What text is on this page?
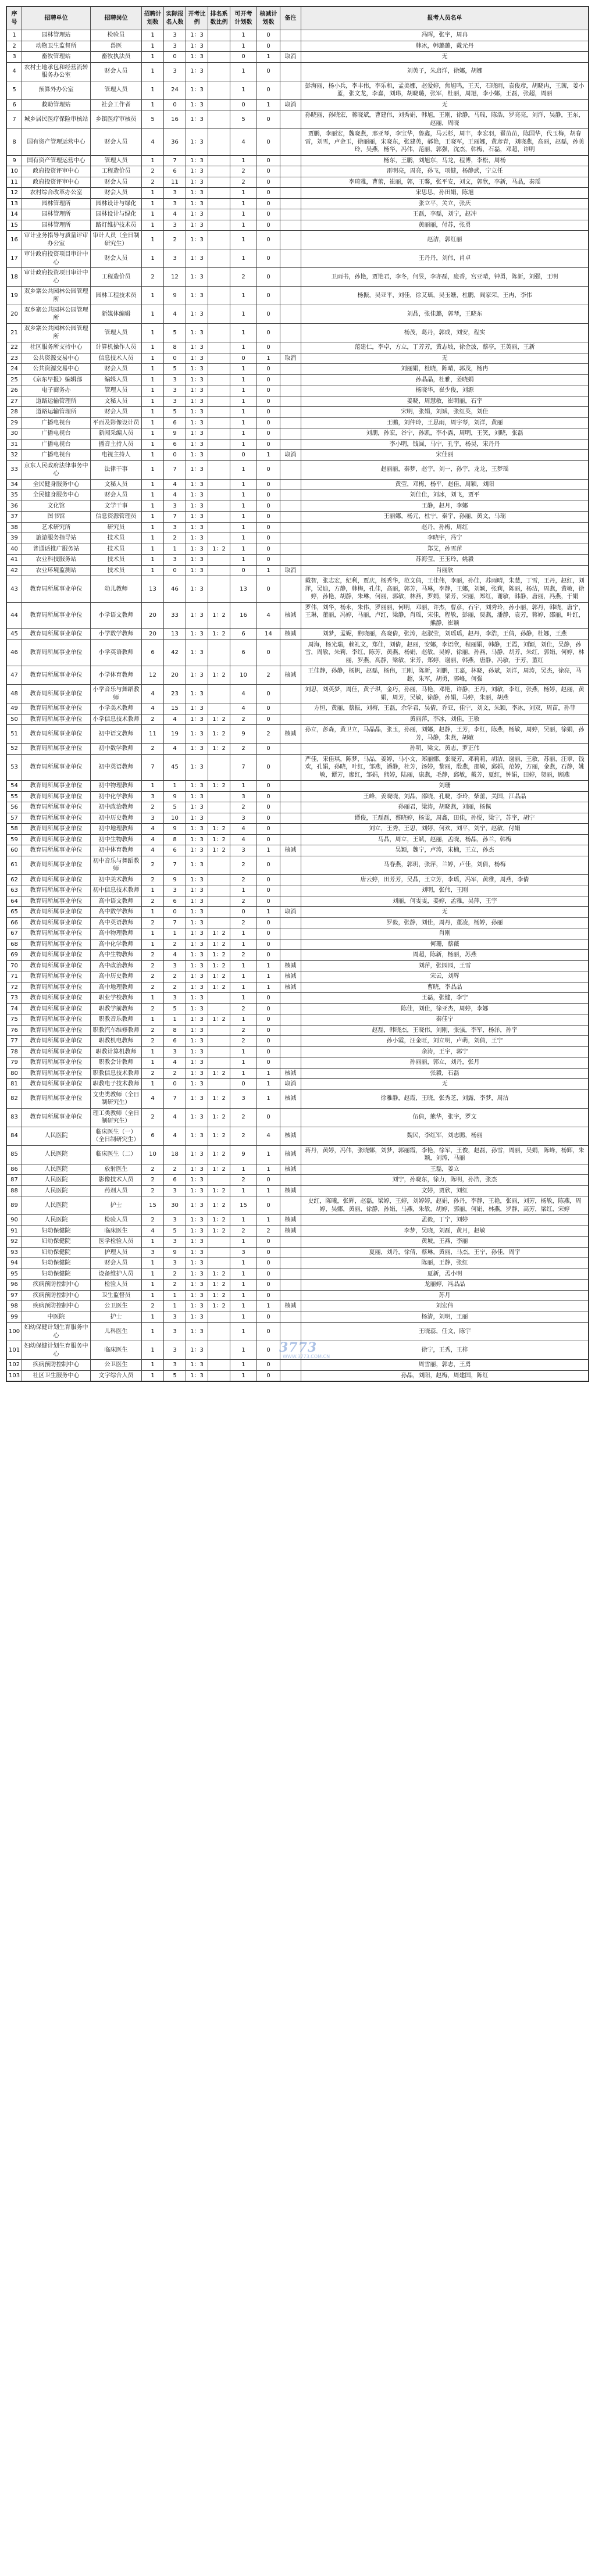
序号	招聘单位	招聘岗位	招聘计划数	实际报名人数	开考比例	排名系数比例	可开考计划数	核减计划数	备注	报考人员名单
1	园林管理站	检验员	1	3	1：3		1	0		冯晖，张宇，周冉
2	动物卫生监督所	兽医	1	3	1：3		1	0		韩冰，韩璐璐，戴元丹
3	畜牧管理站	畜牧执法员	1	0	1：3		0	1	取消	无
4	农村土地承包和经营流转服务办公室	财会人员	1	3	1：3		1	0		刘英子，朱启洋，徐娜，胡娜
5	预算外办公室	管理人员	1	24	1：3		1	0		彭海丽，杨小兵，李丰伟，李乐和，孟美娜，赵爱婷，焦旭鸣，王天，石晓雨，袁俊彦，胡晓冉，王茜，姜小蓝，张文龙，李嘉，刘玮，胡晓璐，张军，杜丽，周旭，李小娜，王磊，张超，周丽
6	救助管理站	社会工作者	1	0	1：3		0	1	取消	无
7	城乡居民医疗保险审核站	乡镇医疗审核员	5	16	1：3		5	0		孙晓丽，孙晓宏，蒋晓斌，曹建伟，刘秀娟，韩旭，王刚，徐静，马瑞，陈浩，罗亮亮，刘洋，吴静，王东，赵丽，周晓
8	国有资产管理运营中心	财会人员	4	36	1：3		4	0		贾鹏，李丽宏，魏晓燕，邢亚琴，李宝华，鲁鑫，马云杉，周丰，李宏羽，翟苗苗，陈国华，代玉梅，胡春雷，刘雪，卢金玉，徐丽丽，宋晓东，张建英，郝艳，王晓军，王丽娜，黄彦青，刘晓燕，高丽，赵磊，孙美玲，吴燕，杨华，冯伟，范丽，郭强，沈杰，韩梅，石磊，邓超，许明
9	国有资产管理运营中心	管理人员	1	7	1：3		1	0		杨东，王鹏，刘旭东，马龙，程博，李松，周杨
10	政府投资评审中心	工程造价员	2	6	1：3		2	0		雷明亮，周亮，孙飞，项健，杨静武，宁立任
11	政府投资评审中心	财会人员	2	11	1：3		2	0		李琦雅，曹蕾，崔丽，郭，王馨，张平安，刘文，郭欣，李新，马晶，秦瑶
12	农村综合改革办公室	财会人员	1	3	1：3		1	0		宋思思，孙田娟，陈旭
13	园林管理所	园林设计与绿化	1	3	1：3		1	0		张立平，关立，张庆
14	园林管理所	园林设计与绿化	1	4	1：3		1	0		王磊，李磊，刘宁，赵冲
15	园林管理所	路灯维护技术员	1	3	1：3		1	0		黄丽丽，付苏，张勇
16	审计业务指导与质量评审办公室	审计人员（全日制研究生）	1	2	1：3		1	0		赵洁，郭红丽
17	审计政府投资项目审计中心	财会人员	1	3	1：3		1	0		王丹丹，刘伟，肖卓
18	审计政府投资项目审计中心	工程造价员	2	12	1：3		2	0		卫雨书，孙艳，贾艳君，李冬，何昱，李亦磊，庞香，宫亚晴，钟勇，陈新，刘强，王明
19	双乡寨公共园林公园管理所	园林工程技术员	1	9	1：3		1	0		杨振，吴亚平，刘佳，徐艾瑶，吴玉姗，杜鹏，阎家荣，王冉，李伟
20	双乡寨公共园林公园管理所	新媒体编辑	1	4	1：3		1	0		刘晶，张佳璐，郭琴，王晓东
21	双乡寨公共园林公园管理所	管理人员	1	5	1：3		1	0		杨茂，葛丹，郭成，刘安，程实
22	社区服务所支持中心	计算机操作人员	1	8	1：3		1	0		范建仁，李卓，方立，丁芳芳，黄志坡，徐金波，蔡亭，王英丽，王新
23	公共资源交易中心	信息技术人员	1	0	1：3		0	1	取消	无
24	公共资源交易中心	财会人员	1	5	1：3		1	0		刘丽娟，杜晓，陈晴，郭茂，杨冉
25	《京东早报》编辑部	编辑人员	1	3	1：3		1	0		孙晶晶，杜雅，姜晓娟
26	电子商务办	管理人员	1	3	1：3		1	0		杨晓华，崔少俊，刘源
27	道路运输管理所	文秘人员	1	3	1：3		1	0		姜晓，周慧敏，崔明丽，石宇
28	道路运输管理所	财会人员	1	5	1：3		1	0		宋明，张娟，刘斌，张红英，刘佳
29	广播电视台	平面及影像设计员	1	6	1：3		1	0		王鹏，刘仲玲，王思雨，周宇琴，刘洋，黄丽
30	广播电视台	新闻采编人员	1	9	1：3		1	0		刘朋，孙宏，谷宁，孙凯，李小露，周明，王笑，刘晓，张磊
31	广播电视台	播音主持人员	1	6	1：3		1	0		李小明，钱圆，马宁，孔宇，杨昊，宋丹丹
32	广播电视台	电视主持人	1	0	1：3		0	1	取消	宋佳丽
33	京东人民政府法律事务中心	法律干事	1	7	1：3		1	0		赵丽丽，秦梦，赵宇，刘一，孙宇，龙龙，王梦瑶
34	全民健身服务中心	文秘人员	1	4	1：3		1	0		黄莹，邓梅，杨平，赵佳，周颖，刘阳
35	全民健身服务中心	财会人员	1	4	1：3		1	0		刘佳佳，刘冰，刘飞，贾平
36	文化馆	文学干事	1	3	1：3		1	0		王静，赵月，李娜
37	图书馆	信息资源管理员	1	7	1：3		1	0		王丽娜，杨元，杜宁，秦宇，孙丽，黄文，马瑞
38	艺术研究所	研究员	1	3	1：3		1	0		赵丹，孙梅，周红
39	旅游服务指导站	技术员	1	2	1：3		1	0		李晓宇，冯宁
40	普通话推广服务站	技术员	1	1	1：3	1：2	1	0		郑艾，孙雪萍
41	农业科技服务站	技术员	1	3	1：3		1	0		苏海莹，王玉玲，姚毅
42	农业环境监测站	技术员	1	0	1：3		0	1	取消	肖丽欣
43	教育局所属事业单位	幼儿教师	13	46	1：3		13	0		戴智，张志宏，纪利，贾庆，杨秀华，范文倩，王佳伟，李丽，孙佳，苏雨晴，朱慧，丁雪，王丹，赵红，刘萍，吴迪，方静，韩梅，孔佳，高丽，郭芳，马琳，李静，王娜，刘颖，张莉，陈丽，杨洁，周燕，黄敏，徐婷，孙艳，胡静，朱琳，何丽，郭敏，林燕，罗娟，梁芳，宋丽，郑红，谢敏，韩静，唐丽，冯燕，于娟
44	教育局所属事业单位	小学语文教师	20	33	1：3	1：2	16	4	核减	罗伟，刘华，杨永，朱伟，罗丽丽，何明，邓丽，许杰，曹彦，石宇，刘秀玲，孙小丽，郭丹，韩晓，唐宁，王琳，董丽，冯婷，马丽，卢红，梁静，肖瑶，宋佳，程敏，彭丽，贾燕，潘静，袁芳，蒋婷，邵丽，叶红，熊静，崔颖
45	教育局所属事业单位	小学数学教师	20	13	1：3	1：2	6	14	核减	刘梦，孟妮，熊晓丽，高晓倩，张涛，赵淑莹，刘瑶瑶，赵丹，李浩，王倩，孙静，杜娜，王燕
46	教育局所属事业单位	小学英语教师	6	42	1：3		6	0		周海，杨光瑞，赖礼文，郑佳，刘倩，赵丽，安娜，李语欣，程丽娟，韩静，王霞，刘颖，刘佳，吴静，孙雪，周敏，朱莉，李红，陈芳，黄燕，杨娟，赵敏，吴婷，徐丽，孙燕，马静，胡芳，朱红，郭娟，何婷，林丽，罗燕，高静，梁敏，宋芳，郑婷，谢丽，韩燕，唐静，冯敏，于芳，董红
47	教育局所属事业单位	小学体育教师	12	20	1：3	1：2	10	2	核减	王佳静，孙静，杨帆，赵磊，杨伟，王刚，陈新，刘鹏，王嘉，林晓，孙斌，刘洋，周涛，吴杰，徐亮，马超，朱军，胡勇，郭峰，何强
48	教育局所属事业单位	小学音乐与舞蹈教师	4	23	1：3		4	0		刘思，刘英梦，周佳，黄子琪，金巧，孙丽，马艳，邓艳，许静，王丹，刘敏，李红，张燕，杨婷，赵丽，黄娟，周芳，吴敏，徐静，孙娟，马婷，朱丽，胡燕
49	教育局所属事业单位	小学美术教师	4	15	1：3		4	0		方恒，黄丽，蔡振，刘梅，王磊，余学君，吴倩，乔亚，佳宁，刘文，朱颖，李冰，刘双，周苗，孙菲
50	教育局所属事业单位	小学信息技术教师	2	4	1：3	1：2	2	0		黄丽萍，李冰，刘佳，王敏
51	教育局所属事业单位	初中语文教师	11	19	1：3	1：2	9	2	核减	孙立，彭森，黄卫立，马晶晶，张玉，孙丽，刘娜，赵静，王芳，李红，陈燕，杨敏，周婷，吴丽，徐娟，孙芳，马静，朱燕，胡敏
52	教育局所属事业单位	初中数学教师	2	4	1：3	1：2	2	0		孙明，梁文，黄志，罗正伟
53	教育局所属事业单位	初中英语教师	7	45	1：3		7	0		严佳，宋佳琪，陈梦，马晶，姜婷，马小文，郑丽娜，张晓芳，邓莉莉，胡洁，谢丽，王敏，苏丽，汪翠，钱欢，孔娟，孙晓，叶红，邹燕，潘静，杜芳，汤婷，黎丽，殷燕，邵敏，邱娟，范婷，方丽，金燕，石静，姚敏，谭芳，廖红，邹娟，熊婷，陆丽，康燕，毛静，邱敏，戴芳，夏红，钟娟，田婷，贺丽，顾燕
54	教育局所属事业单位	初中物理教师	1	1	1：3	1：2	1	0		刘珊
55	教育局所属事业单位	初中化学教师	3	9	1：3		3	0		王峰，姜晓晓，刘晶，邵晓，孔晓，李玲，柴蕾，关国，江晶晶
56	教育局所属事业单位	初中政治教师	2	5	1：3		2	0		孙丽君，梁涛，胡晓燕，刘丽，杨佩
57	教育局所属事业单位	初中历史教师	3	10	1：3		3	0		谭俊，王磊磊，蔡晓婷，杨雯，周鑫，田佳，孙悦，梁宁，苏宇，胡宁
58	教育局所属事业单位	初中地理教师	4	9	1：3	1：2	4	0		刘立，王秀，王思，刘婷，何欢，刘平，刘宁，赵敏，付娟
59	教育局所属事业单位	初中生物教师	4	8	1：3	1：2	4	0		马晶，周立，王斌，赵丽，孟晓，杨晶，孙兰，韩梅
60	教育局所属事业单位	初中体育教师	4	6	1：3	1：2	3	1	核减	吴颖，魏宁，卢涛，宋楠，王立，孙杰
61	教育局所属事业单位	初中音乐与舞蹈教师	2	7	1：3		2	0		马春燕，郭玥，张萍，兰婷，卢佳，刘倩，杨梅
62	教育局所属事业单位	初中美术教师	2	9	1：3		2	0		唐云婷，田芳芳，吴晶，王立芳，李瑶，冯军，黄雅，周燕，李倩
63	教育局所属事业单位	初中信息技术教师	1	3	1：3		1	0		刘明，张伟，王刚
64	教育局所属事业单位	高中语文教师	2	6	1：3		2	0		刘丽，何雯雯，姜婷，孟雅，吴萍，王宇
65	教育局所属事业单位	高中数学教师	1	0	1：3		0	1	取消	无
66	教育局所属事业单位	高中英语教师	2	7	1：3		2	0		罗毅，张静，刘佳，周丹，董凌，杨婷，孙丽
67	教育局所属事业单位	高中物理教师	1	1	1：3	1：2	1	0		肖刚
68	教育局所属事业单位	高中化学教师	1	2	1：3	1：2	1	0		何珊，蔡薇
69	教育局所属事业单位	高中生物教师	2	4	1：3	1：2	2	0		周超，陈新，杨丽，苏燕
70	教育局所属事业单位	高中政治教师	2	3	1：3	1：2	1	1	核减	刘萍，张园园，王雪
71	教育局所属事业单位	高中历史教师	2	2	1：3	1：2	1	1	核减	宋云，刘辉
72	教育局所属事业单位	高中地理教师	2	2	1：3	1：2	1	1	核减	曹晓，李晶晶
73	教育局所属事业单位	职业学校教师	1	3	1：3		1	0		王磊，张健，李宁
74	教育局所属事业单位	职教学前教师	2	5	1：3		2	0		陈佳，刘佳，徐亚杰，周婷，李娜
75	教育局所属事业单位	职教音乐教师	1	1	1：3	1：2	1	0		秦佳宁
76	教育局所属事业单位	职教汽车维修教师	2	8	1：3		2	0		赵磊，韩晓杰，王晓伟，刘刚，张强，李军，杨洋，孙宇
77	教育局所属事业单位	职教机电教师	2	6	1：3		2	0		孙小霞，汪金旺，刘立明，卢萌，刘倩，王宁
78	教育局所属事业单位	职教计算机教师	1	3	1：3		1	0		余涛，王宇，郭宁
79	教育局所属事业单位	职教会计教师	1	4	1：3		1	0		孙丽丽，郭立，刘丹，张月
80	教育局所属事业单位	职教信息技术教师	2	2	1：3	1：2	1	1	核减	张毅，石磊
81	教育局所属事业单位	职教电子技术教师	1	0	1：3		0	1	取消	无
82	教育局所属事业单位	文史类教师（全日制研究生）	4	7	1：3	1：2	3	1	核减	徐雅静，赵霞，王晓，张秀芝，刘露，李梦，周洁
83	教育局所属事业单位	理工类教师（全日制研究生）	2	4	1：3	1：2	2	0		伍倩，熊华，张宇，罗文
84	人民医院	临床医生（一）（全日制研究生）	6	4	1：3	1：2	2	4	核减	魏民，李红军，刘志鹏，杨丽
85	人民医院	临床医生（二）	10	18	1：3	1：2	9	1	核减	蒋丹，黄婷，冯伟，张晓娜，刘梦，郭丽霞，李艳，徐军，王俊，赵磊，孙雪，周丽，吴娟，陈峰，杨辉，朱颖，刘涛，马丽
86	人民医院	放射医生	2	2	1：3	1：2	1	1	核减	王磊，姜立
87	人民医院	影像技术人员	2	6	1：3		2	0		刘宁，孙晓东，徐力，陈明，孙浩，张杰
88	人民医院	药剂人员	2	3	1：3	1：2	1	1	核减	文婷，贾欣，刘红
89	人民医院	护士	15	30	1：3	1：2	15	0		史红，陈曦，张辉，赵磊，梁婷，王婷，刘婷婷，赵娟，孙丹，李静，王艳，张丽，刘芳，杨敏，陈燕，周婷，吴娜，黄丽，徐静，孙娟，马燕，朱敏，胡婷，郭丽，何娟，林燕，罗静，高芳，梁红，宋婷
90	人民医院	检验人员	2	3	1：3	1：2	1	1	核减	孟毅，丁宁，刘婷
91	妇幼保健院	临床医生	4	5	1：3	1：2	2	2	核减	李梦，吴晓，刘磊，黄月，赵敏
92	妇幼保健院	医学检验人员	1	3	1：3		1	0		黄坡，王燕，李丽
93	妇幼保健院	护理人员	3	9	1：3		3	0		夏丽，刘丹，徐倩，蔡琳，黄丽，马杰，王宁，孙佳，周宇
94	妇幼保健院	财会人员	1	3	1：3		1	0		陈丽，王静，张红
95	妇幼保健院	设备维护人员	1	2	1：3	1：2	1	0		夏新，孟小明
96	疾病预防控制中心	检验人员	1	2	1：3	1：2	1	0		龙丽婷，冯晶晶
97	疾病预防控制中心	卫生监督员	1	1	1：3	1：2	1	0		苏月
98	疾病预防控制中心	公卫医生	2	1	1：3	1：2	1	1	核减	刘宏伟
99	中医院	护士	1	3	1：3		1	0		杨清，刘明，王丽
100	妇幼保健计划生育服务中心	儿科医生	1	3	1：3		1	0		王晓蕊，任文，陈宇
101	妇幼保健计划生育服务中心	临床医生	1	3	1：3		1	0		徐宁，王秀，王梓
102	疾病预防控制中心	公卫医生	1	3	1：3		1	0		周雪丽，郭志，王勇
103	社区卫生服务中心	文字综合人员	1	5	1：3		1	0		孙晶，刘阳，赵梅，周建国，陈红
3773
WWW.3773.COM.CN
